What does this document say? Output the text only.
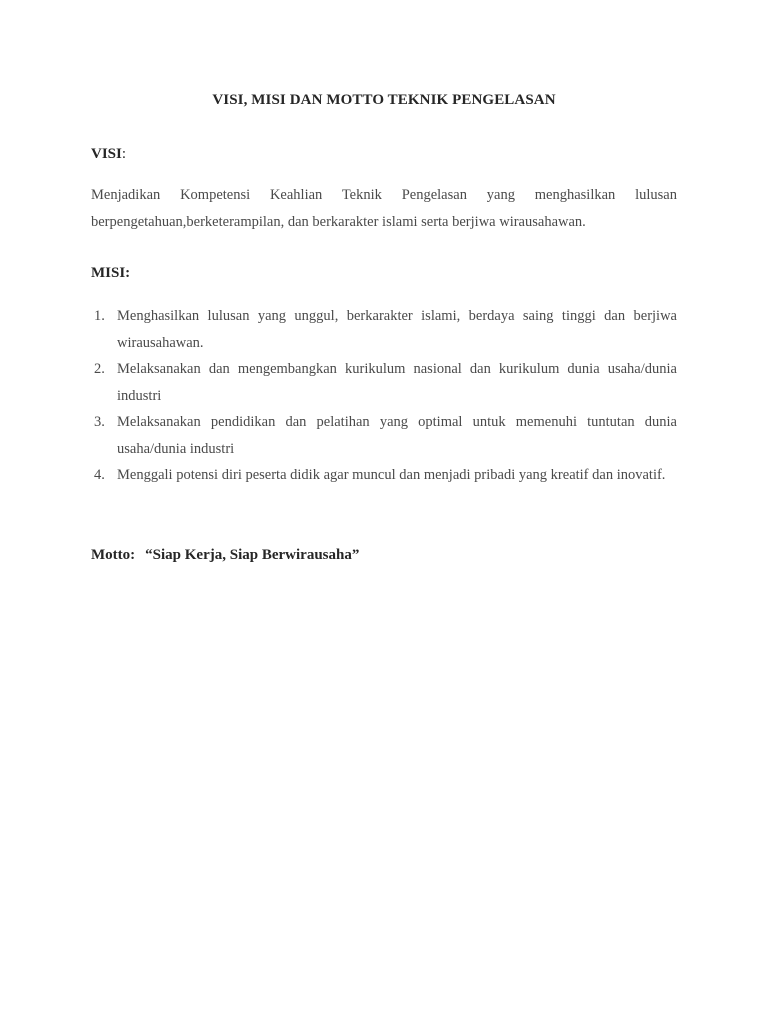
VISI, MISI DAN MOTTO TEKNIK PENGELASAN
VISI:
Menjadikan Kompetensi Keahlian Teknik Pengelasan yang menghasilkan lulusan berpengetahuan,berketerampilan, dan berkarakter islami serta berjiwa wirausahawan.
MISI:
1. Menghasilkan lulusan yang unggul, berkarakter islami, berdaya saing tinggi dan berjiwa wirausahawan.
2. Melaksanakan dan mengembangkan kurikulum nasional dan kurikulum dunia usaha/dunia industri
3. Melaksanakan pendidikan dan pelatihan yang optimal untuk memenuhi tuntutan dunia usaha/dunia industri
4. Menggali potensi diri peserta didik agar muncul dan menjadi pribadi yang kreatif dan inovatif.
Motto: “Siap Kerja, Siap Berwirausaha”
